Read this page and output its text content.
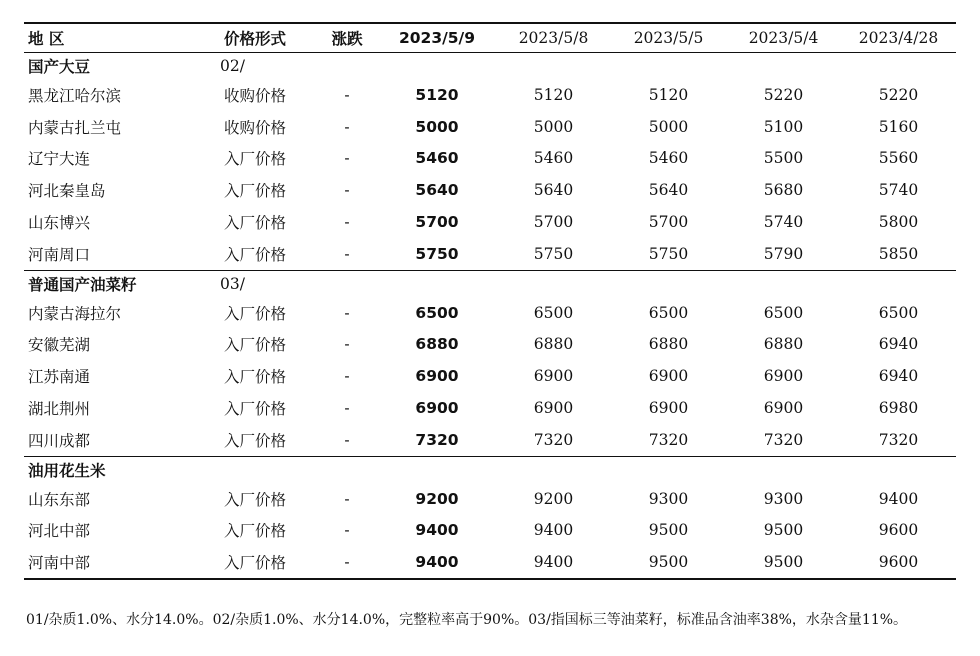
地 区	价格形式	涨跌	2023/5/9	2023/5/8	2023/5/5	2023/5/4	2023/4/28
国产大豆	02/						
黑龙江哈尔滨	收购价格	-	5120	5120	5120	5220	5220
内蒙古扎兰屯	收购价格	-	5000	5000	5000	5100	5160
辽宁大连	入厂价格	-	5460	5460	5460	5500	5560
河北秦皇岛	入厂价格	-	5640	5640	5640	5680	5740
山东博兴	入厂价格	-	5700	5700	5700	5740	5800
河南周口	入厂价格	-	5750	5750	5750	5790	5850
普通国产油菜籽	03/						
内蒙古海拉尔	入厂价格	-	6500	6500	6500	6500	6500
安徽芜湖	入厂价格	-	6880	6880	6880	6880	6940
江苏南通	入厂价格	-	6900	6900	6900	6900	6940
湖北荆州	入厂价格	-	6900	6900	6900	6900	6980
四川成都	入厂价格	-	7320	7320	7320	7320	7320
油用花生米							
山东东部	入厂价格	-	9200	9200	9300	9300	9400
河北中部	入厂价格	-	9400	9400	9500	9500	9600
河南中部	入厂价格	-	9400	9400	9500	9500	9600
01/杂质1.0%、水分14.0%。02/杂质1.0%、水分14.0%，完整粒率高于90%。03/指国标三等油菜籽，标准品含油率38%，水杂含量11%。
